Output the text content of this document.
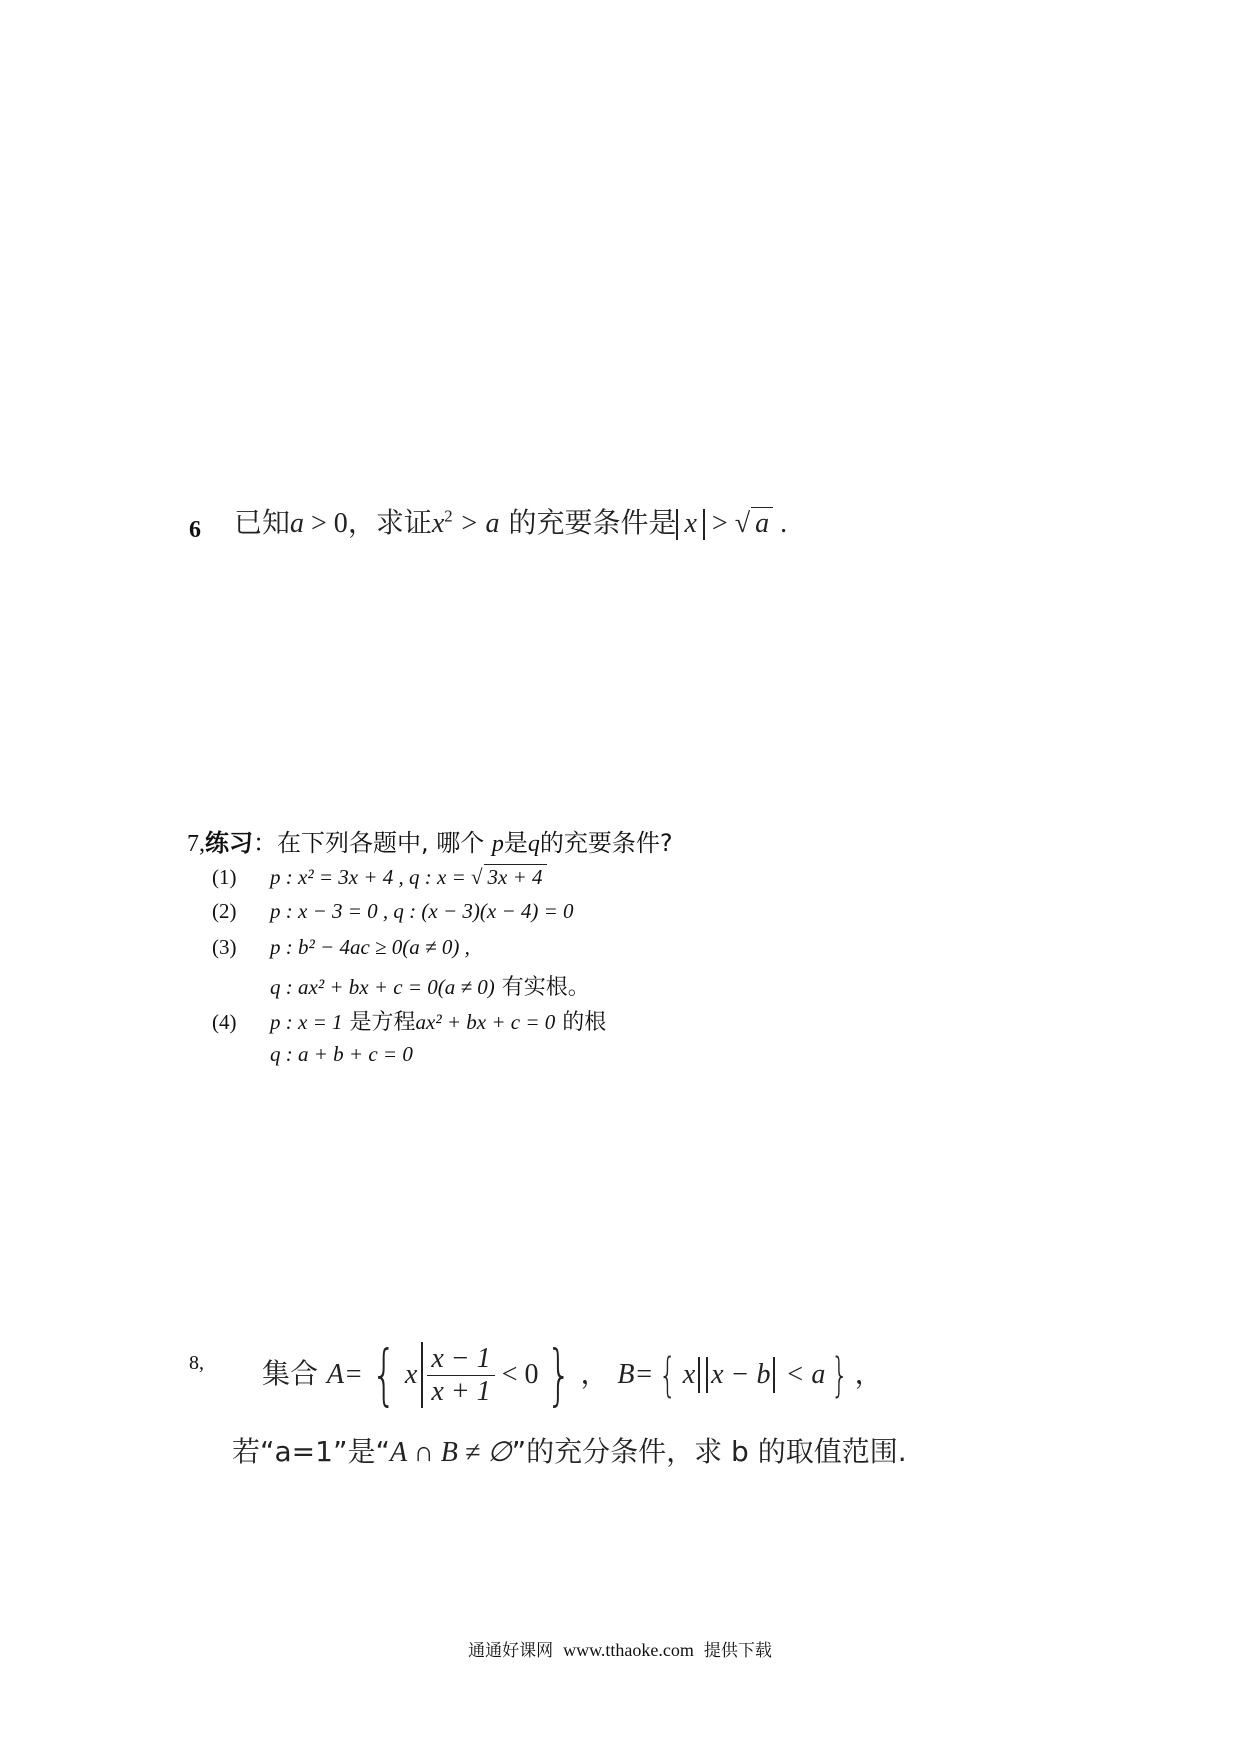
6 已知a > 0，求证$x^2 > a$ 的充要条件是 x > √ a .
7,练习：在下列各题中, 哪个 p是q的充要条件?
(1) p : x² = 3x + 4 , q : x = √ 3x + 4
(2) p : x − 3 = 0 , q : (x − 3)(x − 4) = 0
(3) p : b² − 4ac ≥ 0(a ≠ 0) ,
q : ax² + bx + c = 0(a ≠ 0) 有实根。
(4) p : x = 1 是方程ax² + bx + c = 0 的根
q : a + b + c = 0
8, 集合 A= { x $\frac{x - 1}{x + 1} < 0$ } ， B= { x x − b < a } ，
若“a=1”是“A ∩ B ≠ ∅”的充分条件，求 b 的取值范围.
通通好课网 www.tthaoke.com 提供下载
